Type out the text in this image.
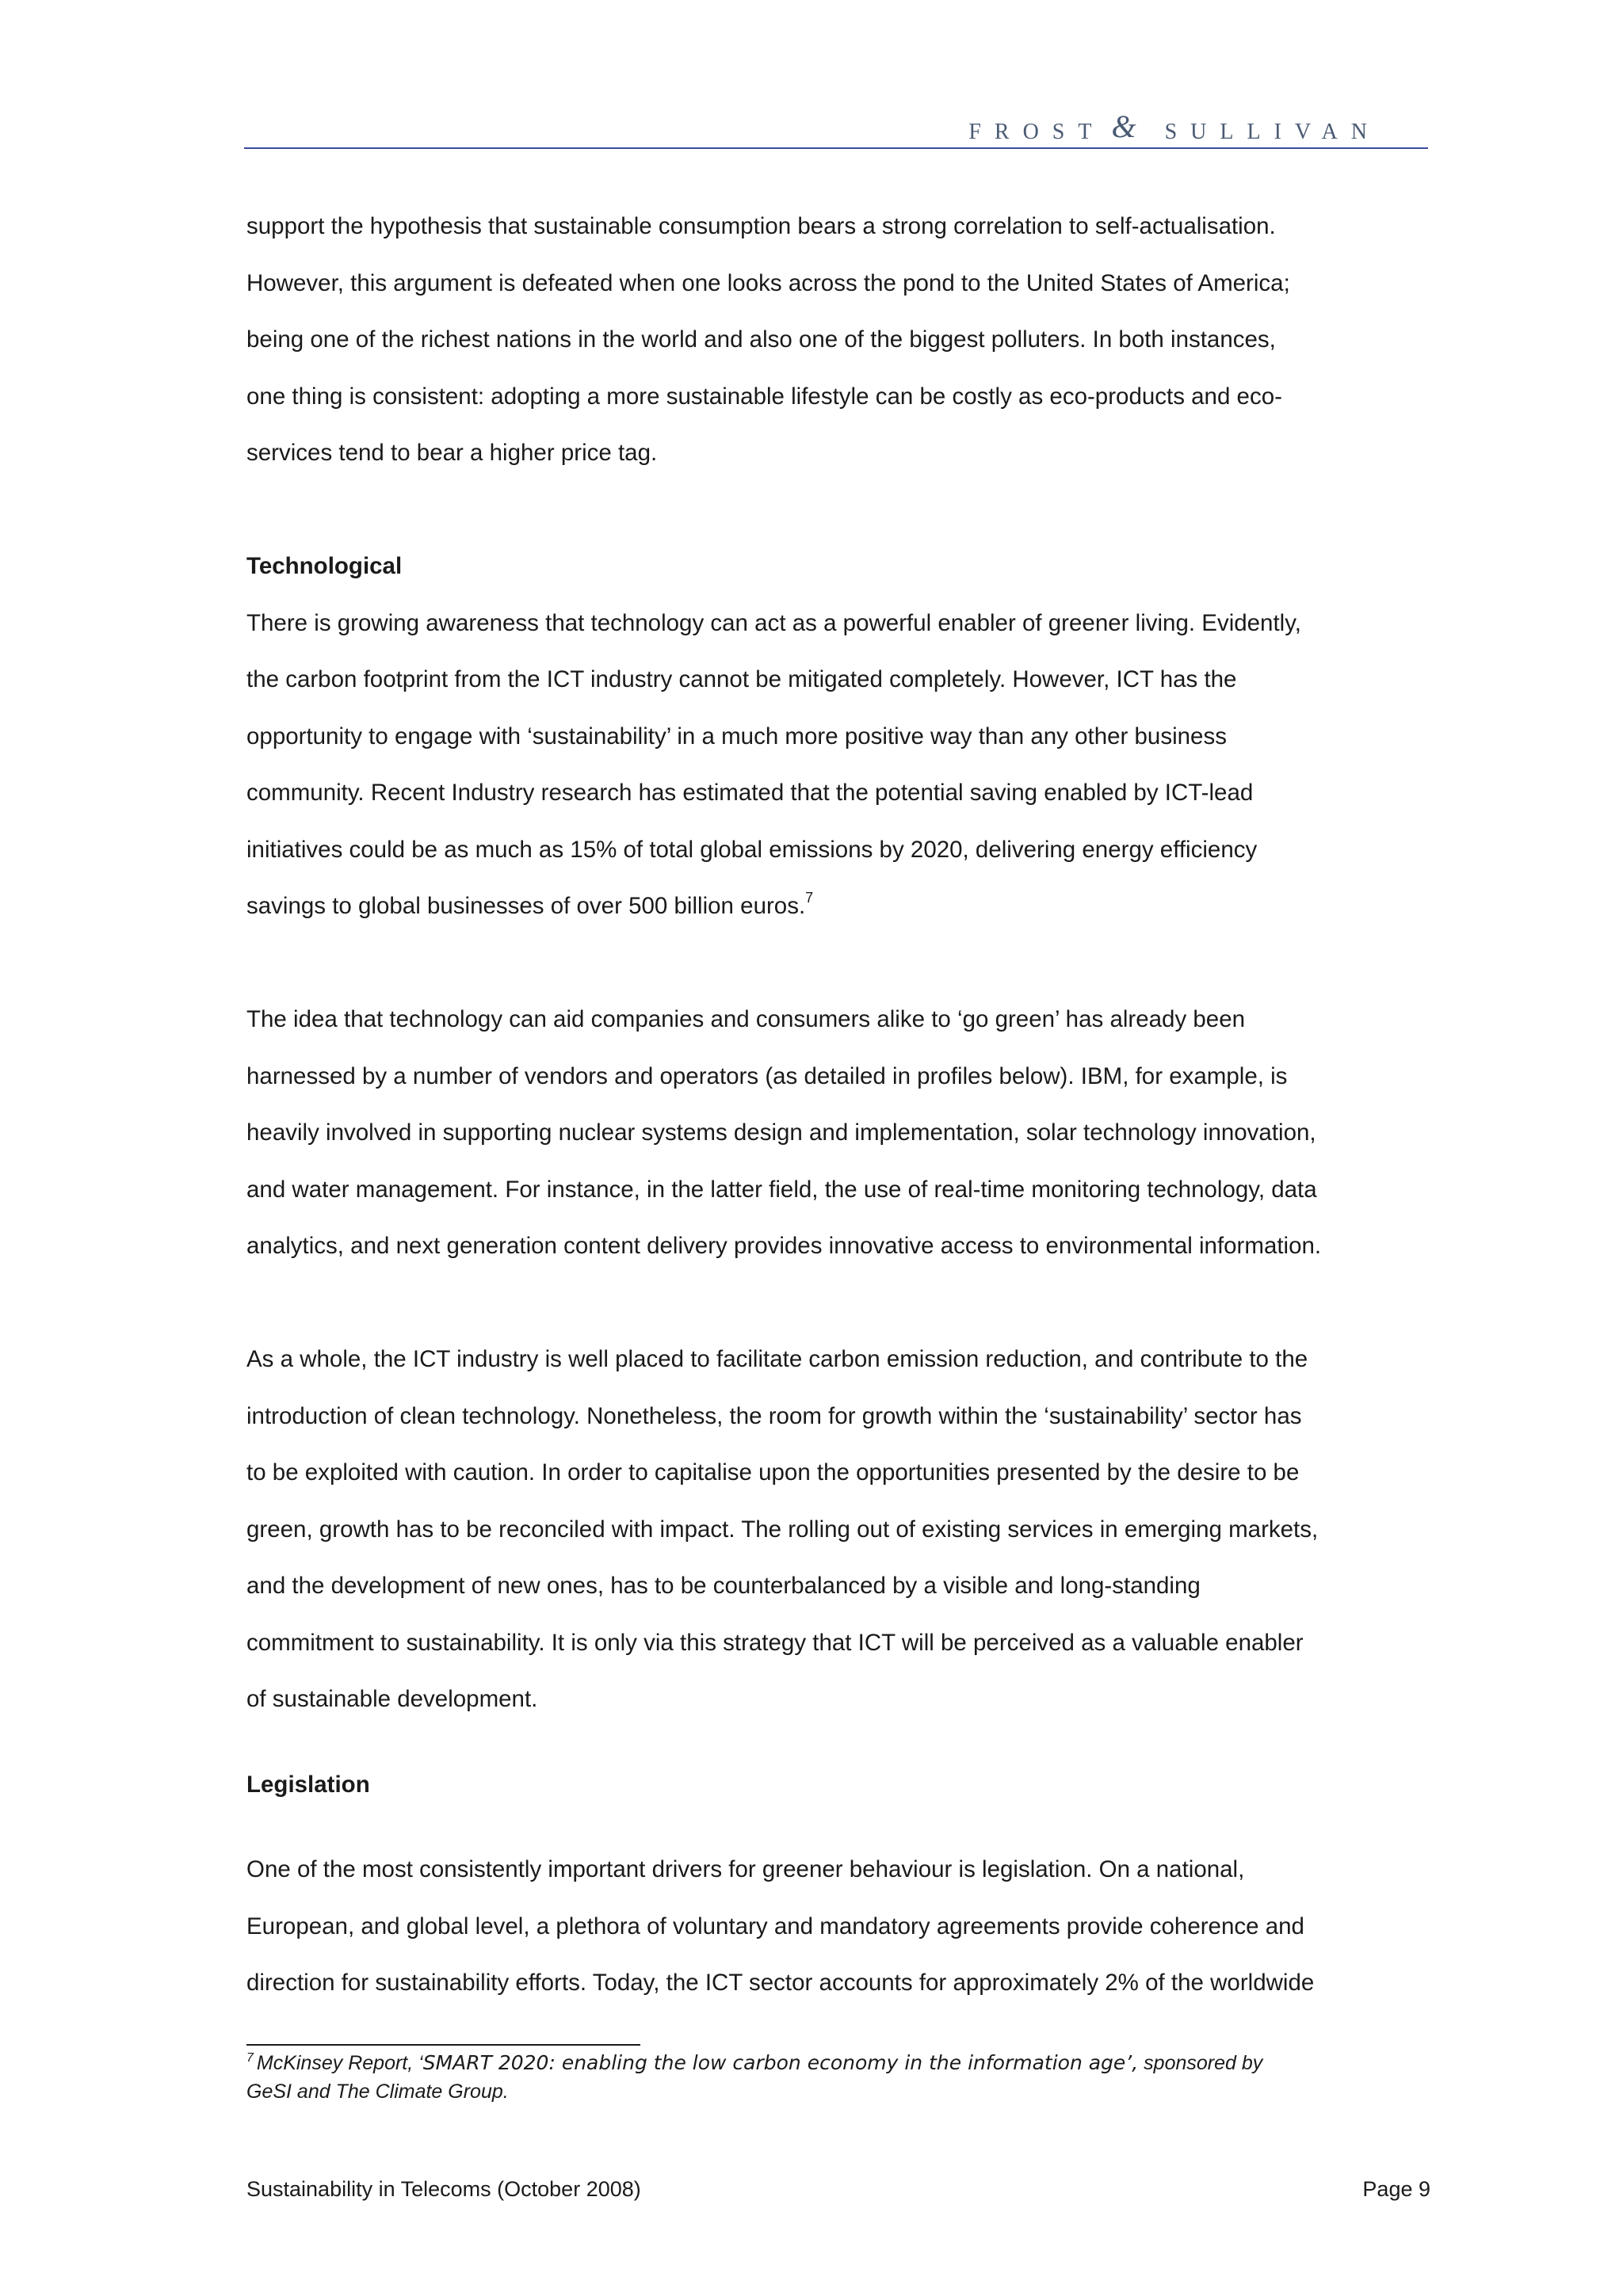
FROST & SULLIVAN

support the hypothesis that sustainable consumption bears a strong correlation to self-actualisation.
However, this argument is defeated when one looks across the pond to the United States of America;
being one of the richest nations in the world and also one of the biggest polluters. In both instances,
one thing is consistent: adopting a more sustainable lifestyle can be costly as eco-products and eco-
services tend to bear a higher price tag.

Technological

There is growing awareness that technology can act as a powerful enabler of greener living. Evidently,
the carbon footprint from the ICT industry cannot be mitigated completely. However, ICT has the
opportunity to engage with ‘sustainability’ in a much more positive way than any other business
community. Recent Industry research has estimated that the potential saving enabled by ICT-lead
initiatives could be as much as 15% of total global emissions by 2020, delivering energy efficiency
savings to global businesses of over 500 billion euros.$^7$

The idea that technology can aid companies and consumers alike to ‘go green’ has already been
harnessed by a number of vendors and operators (as detailed in profiles below). IBM, for example, is
heavily involved in supporting nuclear systems design and implementation, solar technology innovation,
and water management. For instance, in the latter field, the use of real-time monitoring technology, data
analytics, and next generation content delivery provides innovative access to environmental information.

As a whole, the ICT industry is well placed to facilitate carbon emission reduction, and contribute to the
introduction of clean technology. Nonetheless, the room for growth within the ‘sustainability’ sector has
to be exploited with caution. In order to capitalise upon the opportunities presented by the desire to be
green, growth has to be reconciled with impact. The rolling out of existing services in emerging markets,
and the development of new ones, has to be counterbalanced by a visible and long-standing
commitment to sustainability. It is only via this strategy that ICT will be perceived as a valuable enabler
of sustainable development.

Legislation

One of the most consistently important drivers for greener behaviour is legislation. On a national,
European, and global level, a plethora of voluntary and mandatory agreements provide coherence and
direction for sustainability efforts. Today, the ICT sector accounts for approximately 2% of the worldwide

$^7$ McKinsey Report, ‘SMART 2020: enabling the low carbon economy in the information age’, sponsored by
GeSI and The Climate Group.
Sustainability in Telecoms (October 2008)	Page 9
